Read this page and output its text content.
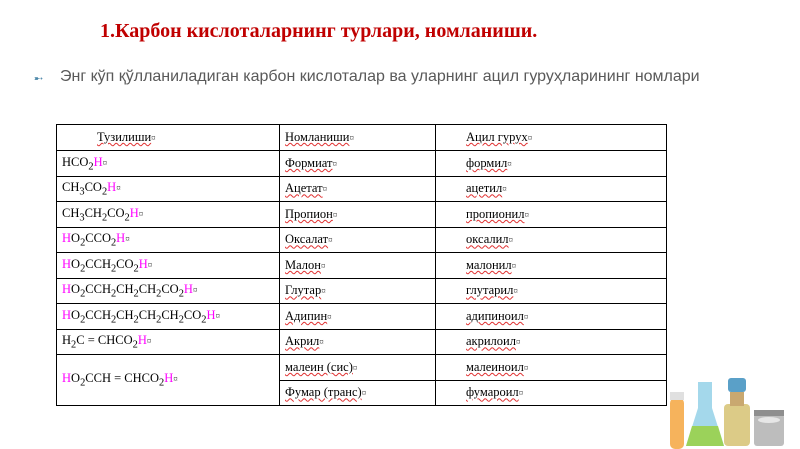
1.Карбон кислоталарнинг турлари, номланиши.
➸ Энг кўп қўлланиладиган карбон кислоталар ва уларнинг ацил гуруҳларининг номлари
Тузилиши¤	Номланиши¤	Ацил гурух¤
$HCO_2H¤$	Формиат¤	формил¤
$CH_3CO_2H¤$	Ацетат¤	ацетил¤
$CH_3CH_2CO_2H¤$	Пропион¤	пропионил¤
$HO_2CCO_2H¤$	Оксалат¤	оксалил¤
$HO_2CCH_2CO_2H¤$	Малон¤	малонил¤
$HO_2CCH_2CH_2CH_2CO_2H¤$	Глутар¤	глутарил¤
$HO_2CCH_2CH_2CH_2CH_2CO_2H¤$	Адипин¤	адипиноил¤
$H_2C$ = $CHCO_2H¤$	Акрил¤	акрилоил¤
$HO_2CCH$ = $CHCO_2H¤$	малеин (сис)¤	малеиноил¤
	Фумар (транс)¤	фумароил¤
